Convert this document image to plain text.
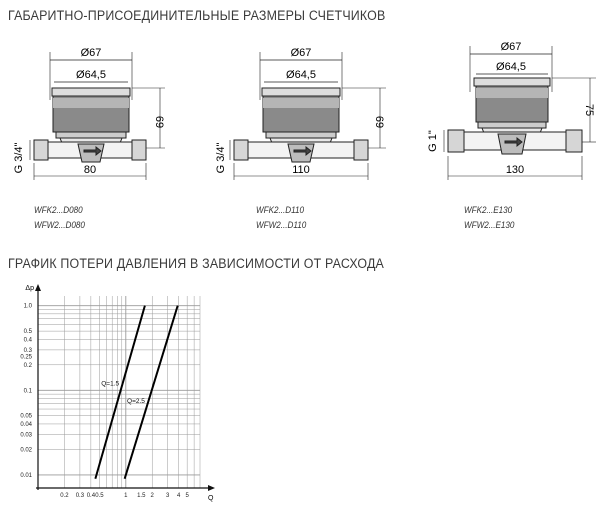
ГАБАРИТНО-ПРИСОЕДИНИТЕЛЬНЫЕ РАЗМЕРЫ СЧЕТЧИКОВ
Ø67
Ø64,5
80
69
G 3/4"
WFK2...D080
WFW2...D080
Ø67
Ø64,5
110
69
G 3/4"
WFK2...D110
WFW2...D110
Ø67
Ø64,5
130
75
G 1"
WFK2...E130
WFW2...E130
ГРАФИК ПОТЕРИ ДАВЛЕНИЯ В ЗАВИСИМОСТИ ОТ РАСХОДА
0.2 0.3 0.4 0.5	1 1.5 2 3 4 5
1.0
0.5
0.4
0.3
0.25
0.2
0.1
0.05
0.04
0.03
0.02
0.01
Q=1.5
Q=2.5
Δp
Q
